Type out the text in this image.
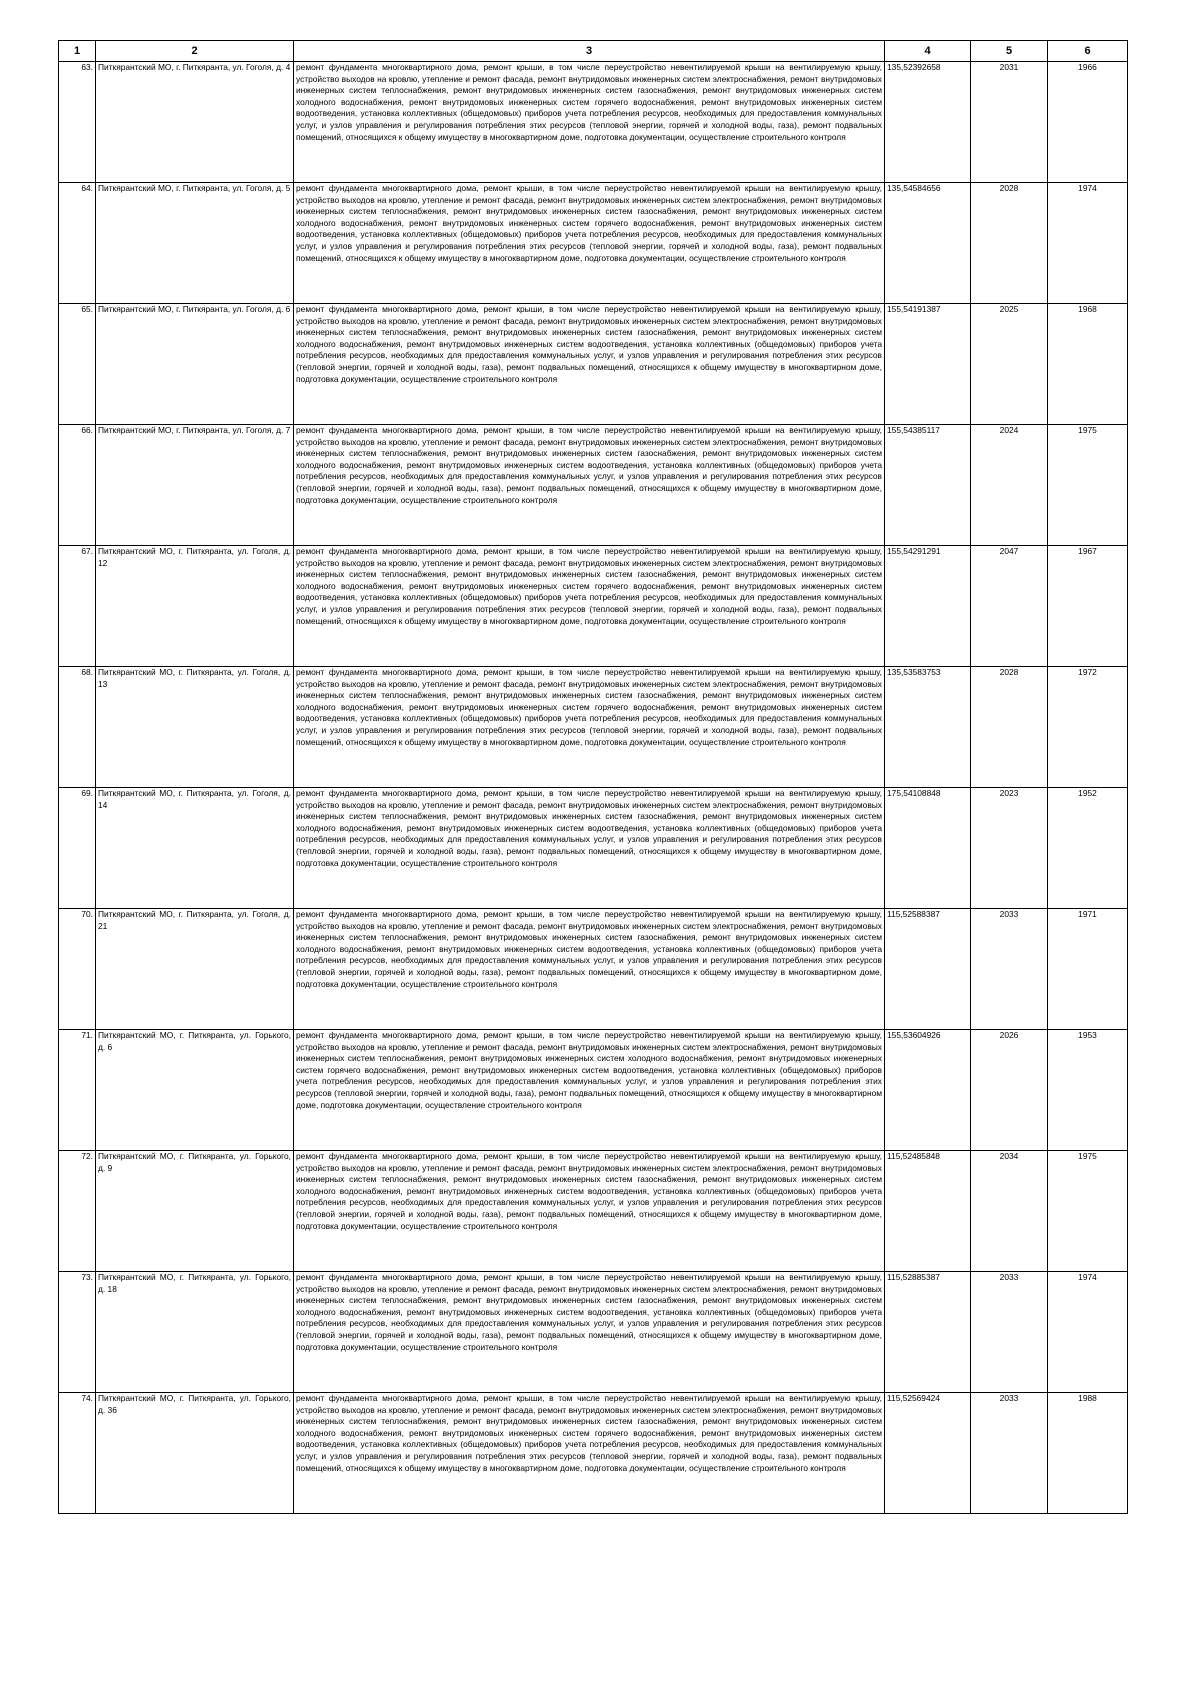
1	2	3	4	5	6
63.	Питкярантский МО, г. Питкяранта, ул. Гоголя, д. 4	ремонт фундамента многоквартирного дома, ремонт крыши, в том числе переустройство невентилируемой крыши на вентилируемую крышу, устройство выходов на кровлю, утепление и ремонт фасада, ремонт внутридомовых инженерных систем электроснабжения, ремонт внутридомовых инженерных систем теплоснабжения, ремонт внутридомовых инженерных систем газоснабжения, ремонт внутридомовых инженерных систем холодного водоснабжения, ремонт внутридомовых инженерных систем горячего водоснабжения, ремонт внутридомовых инженерных систем водоотведения, установка коллективных (общедомовых) приборов учета потребления ресурсов, необходимых для предоставления коммунальных услуг, и узлов управления и регулирования потребления этих ресурсов (тепловой энергии, горячей и холодной воды, газа), ремонт подвальных помещений, относящихся к общему имуществу в многоквартирном доме, подготовка документации, осуществление строительного контроля	135,52392658	2031	1966
64.	Питкярантский МО, г. Питкяранта, ул. Гоголя, д. 5	ремонт фундамента многоквартирного дома, ремонт крыши, в том числе переустройство невентилируемой крыши на вентилируемую крышу, устройство выходов на кровлю, утепление и ремонт фасада, ремонт внутридомовых инженерных систем электроснабжения, ремонт внутридомовых инженерных систем теплоснабжения, ремонт внутридомовых инженерных систем газоснабжения, ремонт внутридомовых инженерных систем холодного водоснабжения, ремонт внутридомовых инженерных систем горячего водоснабжения, ремонт внутридомовых инженерных систем водоотведения, установка коллективных (общедомовых) приборов учета потребления ресурсов, необходимых для предоставления коммунальных услуг, и узлов управления и регулирования потребления этих ресурсов (тепловой энергии, горячей и холодной воды, газа), ремонт подвальных помещений, относящихся к общему имуществу в многоквартирном доме, подготовка документации, осуществление строительного контроля	135,54584656	2028	1974
65.	Питкярантский МО, г. Питкяранта, ул. Гоголя, д. 6	ремонт фундамента многоквартирного дома, ремонт крыши, в том числе переустройство невентилируемой крыши на вентилируемую крышу, устройство выходов на кровлю, утепление и ремонт фасада, ремонт внутридомовых инженерных систем электроснабжения, ремонт внутридомовых инженерных систем теплоснабжения, ремонт внутридомовых инженерных систем газоснабжения, ремонт внутридомовых инженерных систем холодного водоснабжения, ремонт внутридомовых инженерных систем водоотведения, установка коллективных (общедомовых) приборов учета потребления ресурсов, необходимых для предоставления коммунальных услуг, и узлов управления и регулирования потребления этих ресурсов (тепловой энергии, горячей и холодной воды, газа), ремонт подвальных помещений, относящихся к общему имуществу в многоквартирном доме, подготовка документации, осуществление строительного контроля	155,54191387	2025	1968
66.	Питкярантский МО, г. Питкяранта, ул. Гоголя, д. 7	ремонт фундамента многоквартирного дома, ремонт крыши, в том числе переустройство невентилируемой крыши на вентилируемую крышу, устройство выходов на кровлю, утепление и ремонт фасада, ремонт внутридомовых инженерных систем электроснабжения, ремонт внутридомовых инженерных систем теплоснабжения, ремонт внутридомовых инженерных систем газоснабжения, ремонт внутридомовых инженерных систем холодного водоснабжения, ремонт внутридомовых инженерных систем водоотведения, установка коллективных (общедомовых) приборов учета потребления ресурсов, необходимых для предоставления коммунальных услуг, и узлов управления и регулирования потребления этих ресурсов (тепловой энергии, горячей и холодной воды, газа), ремонт подвальных помещений, относящихся к общему имуществу в многоквартирном доме, подготовка документации, осуществление строительного контроля	155,54385117	2024	1975
67.	Питкярантский МО, г. Питкяранта, ул. Гоголя, д. 12	ремонт фундамента многоквартирного дома, ремонт крыши, в том числе переустройство невентилируемой крыши на вентилируемую крышу, устройство выходов на кровлю, утепление и ремонт фасада, ремонт внутридомовых инженерных систем электроснабжения, ремонт внутридомовых инженерных систем теплоснабжения, ремонт внутридомовых инженерных систем газоснабжения, ремонт внутридомовых инженерных систем холодного водоснабжения, ремонт внутридомовых инженерных систем горячего водоснабжения, ремонт внутридомовых инженерных систем водоотведения, установка коллективных (общедомовых) приборов учета потребления ресурсов, необходимых для предоставления коммунальных услуг, и узлов управления и регулирования потребления этих ресурсов (тепловой энергии, горячей и холодной воды, газа), ремонт подвальных помещений, относящихся к общему имуществу в многоквартирном доме, подготовка документации, осуществление строительного контроля	155,54291291	2047	1967
68.	Питкярантский МО, г. Питкяранта, ул. Гоголя, д. 13	ремонт фундамента многоквартирного дома, ремонт крыши, в том числе переустройство невентилируемой крыши на вентилируемую крышу, устройство выходов на кровлю, утепление и ремонт фасада, ремонт внутридомовых инженерных систем электроснабжения, ремонт внутридомовых инженерных систем теплоснабжения, ремонт внутридомовых инженерных систем газоснабжения, ремонт внутридомовых инженерных систем холодного водоснабжения, ремонт внутридомовых инженерных систем горячего водоснабжения, ремонт внутридомовых инженерных систем водоотведения, установка коллективных (общедомовых) приборов учета потребления ресурсов, необходимых для предоставления коммунальных услуг, и узлов управления и регулирования потребления этих ресурсов (тепловой энергии, горячей и холодной воды, газа), ремонт подвальных помещений, относящихся к общему имуществу в многоквартирном доме, подготовка документации, осуществление строительного контроля	135,53583753	2028	1972
69.	Питкярантский МО, г. Питкяранта, ул. Гоголя, д. 14	ремонт фундамента многоквартирного дома, ремонт крыши, в том числе переустройство невентилируемой крыши на вентилируемую крышу, устройство выходов на кровлю, утепление и ремонт фасада, ремонт внутридомовых инженерных систем электроснабжения, ремонт внутридомовых инженерных систем теплоснабжения, ремонт внутридомовых инженерных систем газоснабжения, ремонт внутридомовых инженерных систем холодного водоснабжения, ремонт внутридомовых инженерных систем водоотведения, установка коллективных (общедомовых) приборов учета потребления ресурсов, необходимых для предоставления коммунальных услуг, и узлов управления и регулирования потребления этих ресурсов (тепловой энергии, горячей и холодной воды, газа), ремонт подвальных помещений, относящихся к общему имуществу в многоквартирном доме, подготовка документации, осуществление строительного контроля	175,54108848	2023	1952
70.	Питкярантский МО, г. Питкяранта, ул. Гоголя, д. 21	ремонт фундамента многоквартирного дома, ремонт крыши, в том числе переустройство невентилируемой крыши на вентилируемую крышу, устройство выходов на кровлю, утепление и ремонт фасада, ремонт внутридомовых инженерных систем электроснабжения, ремонт внутридомовых инженерных систем теплоснабжения, ремонт внутридомовых инженерных систем газоснабжения, ремонт внутридомовых инженерных систем холодного водоснабжения, ремонт внутридомовых инженерных систем водоотведения, установка коллективных (общедомовых) приборов учета потребления ресурсов, необходимых для предоставления коммунальных услуг, и узлов управления и регулирования потребления этих ресурсов (тепловой энергии, горячей и холодной воды, газа), ремонт подвальных помещений, относящихся к общему имуществу в многоквартирном доме, подготовка документации, осуществление строительного контроля	115,52588387	2033	1971
71.	Питкярантский МО, г. Питкяранта, ул. Горького, д. 6	ремонт фундамента многоквартирного дома, ремонт крыши, в том числе переустройство невентилируемой крыши на вентилируемую крышу, устройство выходов на кровлю, утепление и ремонт фасада, ремонт внутридомовых инженерных систем электроснабжения, ремонт внутридомовых инженерных систем теплоснабжения, ремонт внутридомовых инженерных систем холодного водоснабжения, ремонт внутридомовых инженерных систем горячего водоснабжения, ремонт внутридомовых инженерных систем водоотведения, установка коллективных (общедомовых) приборов учета потребления ресурсов, необходимых для предоставления коммунальных услуг, и узлов управления и регулирования потребления этих ресурсов (тепловой энергии, горячей и холодной воды, газа), ремонт подвальных помещений, относящихся к общему имуществу в многоквартирном доме, подготовка документации, осуществление строительного контроля	155,53604926	2026	1953
72.	Питкярантский МО, г. Питкяранта, ул. Горького, д. 9	ремонт фундамента многоквартирного дома, ремонт крыши, в том числе переустройство невентилируемой крыши на вентилируемую крышу, устройство выходов на кровлю, утепление и ремонт фасада, ремонт внутридомовых инженерных систем электроснабжения, ремонт внутридомовых инженерных систем теплоснабжения, ремонт внутридомовых инженерных систем газоснабжения, ремонт внутридомовых инженерных систем холодного водоснабжения, ремонт внутридомовых инженерных систем водоотведения, установка коллективных (общедомовых) приборов учета потребления ресурсов, необходимых для предоставления коммунальных услуг, и узлов управления и регулирования потребления этих ресурсов (тепловой энергии, горячей и холодной воды, газа), ремонт подвальных помещений, относящихся к общему имуществу в многоквартирном доме, подготовка документации, осуществление строительного контроля	115,52485848	2034	1975
73.	Питкярантский МО, г. Питкяранта, ул. Горького, д. 18	ремонт фундамента многоквартирного дома, ремонт крыши, в том числе переустройство невентилируемой крыши на вентилируемую крышу, устройство выходов на кровлю, утепление и ремонт фасада, ремонт внутридомовых инженерных систем электроснабжения, ремонт внутридомовых инженерных систем теплоснабжения, ремонт внутридомовых инженерных систем газоснабжения, ремонт внутридомовых инженерных систем холодного водоснабжения, ремонт внутридомовых инженерных систем водоотведения, установка коллективных (общедомовых) приборов учета потребления ресурсов, необходимых для предоставления коммунальных услуг, и узлов управления и регулирования потребления этих ресурсов (тепловой энергии, горячей и холодной воды, газа), ремонт подвальных помещений, относящихся к общему имуществу в многоквартирном доме, подготовка документации, осуществление строительного контроля	115,52885387	2033	1974
74.	Питкярантский МО, г. Питкяранта, ул. Горького, д. 36	ремонт фундамента многоквартирного дома, ремонт крыши, в том числе переустройство невентилируемой крыши на вентилируемую крышу, устройство выходов на кровлю, утепление и ремонт фасада, ремонт внутридомовых инженерных систем электроснабжения, ремонт внутридомовых инженерных систем теплоснабжения, ремонт внутридомовых инженерных систем газоснабжения, ремонт внутридомовых инженерных систем холодного водоснабжения, ремонт внутридомовых инженерных систем горячего водоснабжения, ремонт внутридомовых инженерных систем водоотведения, установка коллективных (общедомовых) приборов учета потребления ресурсов, необходимых для предоставления коммунальных услуг, и узлов управления и регулирования потребления этих ресурсов (тепловой энергии, горячей и холодной воды, газа), ремонт подвальных помещений, относящихся к общему имуществу в многоквартирном доме, подготовка документации, осуществление строительного контроля	115,52569424	2033	1988
